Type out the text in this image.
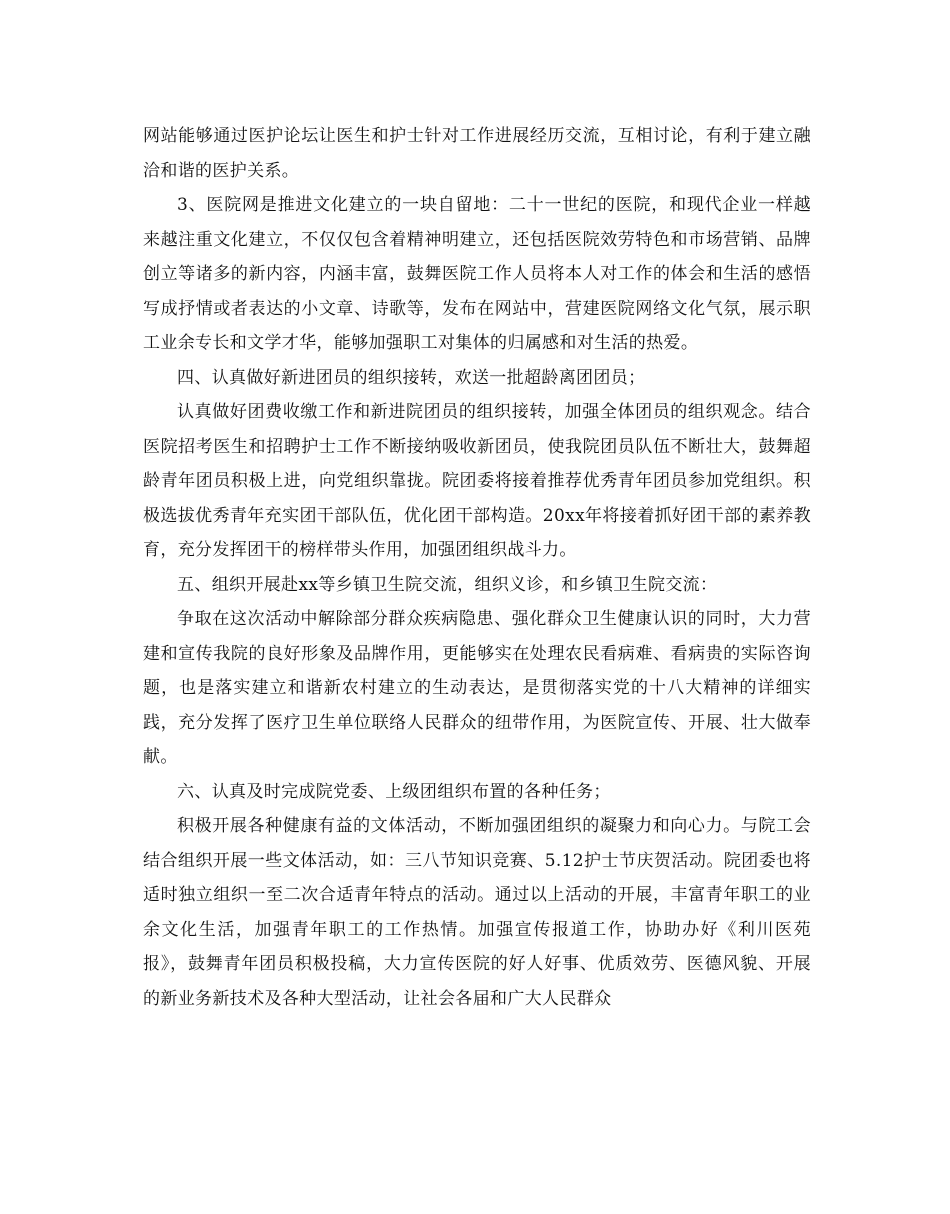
网站能够通过医护论坛让医生和护士针对工作进展经历交流，互相讨论，有利于建立融洽和谐的医护关系。

3、医院网是推进文化建立的一块自留地：二十一世纪的医院，和现代企业一样越来越注重文化建立，不仅仅包含着精神明建立，还包括医院效劳特色和市场营销、品牌创立等诸多的新内容，内涵丰富，鼓舞医院工作人员将本人对工作的体会和生活的感悟写成抒情或者表达的小文章、诗歌等，发布在网站中，营建医院网络文化气氛，展示职工业余专长和文学才华，能够加强职工对集体的归属感和对生活的热爱。

四、认真做好新进团员的组织接转，欢送一批超龄离团团员；

认真做好团费收缴工作和新进院团员的组织接转，加强全体团员的组织观念。结合医院招考医生和招聘护士工作不断接纳吸收新团员，使我院团员队伍不断壮大，鼓舞超龄青年团员积极上进，向党组织靠拢。院团委将接着推荐优秀青年团员参加党组织。积极选拔优秀青年充实团干部队伍，优化团干部构造。20xx年将接着抓好团干部的素养教育，充分发挥团干的榜样带头作用，加强团组织战斗力。

五、组织开展赴xx等乡镇卫生院交流，组织义诊，和乡镇卫生院交流：

争取在这次活动中解除部分群众疾病隐患、强化群众卫生健康认识的同时，大力营建和宣传我院的良好形象及品牌作用，更能够实在处理农民看病难、看病贵的实际咨询题，也是落实建立和谐新农村建立的生动表达，是贯彻落实党的十八大精神的详细实践，充分发挥了医疗卫生单位联络人民群众的纽带作用，为医院宣传、开展、壮大做奉献。

六、认真及时完成院党委、上级团组织布置的各种任务；

积极开展各种健康有益的文体活动，不断加强团组织的凝聚力和向心力。与院工会结合组织开展一些文体活动，如：三八节知识竞赛、5.12护士节庆贺活动。院团委也将适时独立组织一至二次合适青年特点的活动。通过以上活动的开展，丰富青年职工的业余文化生活，加强青年职工的工作热情。加强宣传报道工作，协助办好《利川医苑报》，鼓舞青年团员积极投稿，大力宣传医院的好人好事、优质效劳、医德风貌、开展的新业务新技术及各种大型活动，让社会各届和广大人民群众
